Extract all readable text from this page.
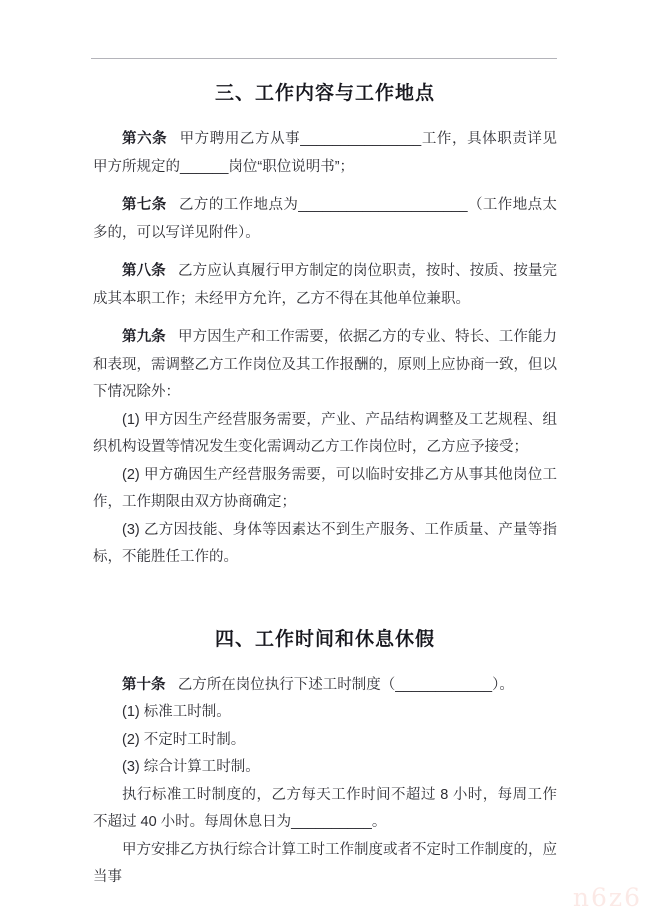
三、工作内容与工作地点

第六条 甲方聘用乙方从事_______________工作，具体职责详见甲方所规定的______岗位“职位说明书”；

第七条 乙方的工作地点为_____________________（工作地点太多的，可以写详见附件）。

第八条 乙方应认真履行甲方制定的岗位职责，按时、按质、按量完成其本职工作；未经甲方允许，乙方不得在其他单位兼职。

第九条 甲方因生产和工作需要，依据乙方的专业、特长、工作能力和表现，需调整乙方工作岗位及其工作报酬的，原则上应协商一致，但以下情况除外：

(1) 甲方因生产经营服务需要，产业、产品结构调整及工艺规程、组织机构设置等情况发生变化需调动乙方工作岗位时，乙方应予接受；

(2) 甲方确因生产经营服务需要，可以临时安排乙方从事其他岗位工作，工作期限由双方协商确定；

(3) 乙方因技能、身体等因素达不到生产服务、工作质量、产量等指标，不能胜任工作的。

四、工作时间和休息休假

第十条 乙方所在岗位执行下述工时制度（____________）。

(1) 标准工时制。

(2) 不定时工时制。

(3) 综合计算工时制。

执行标准工时制度的，乙方每天工作时间不超过 8 小时，每周工作不超过 40 小时。每周休息日为__________。

甲方安排乙方执行综合计算工时工作制度或者不定时工作制度的，应当事

n6z6
